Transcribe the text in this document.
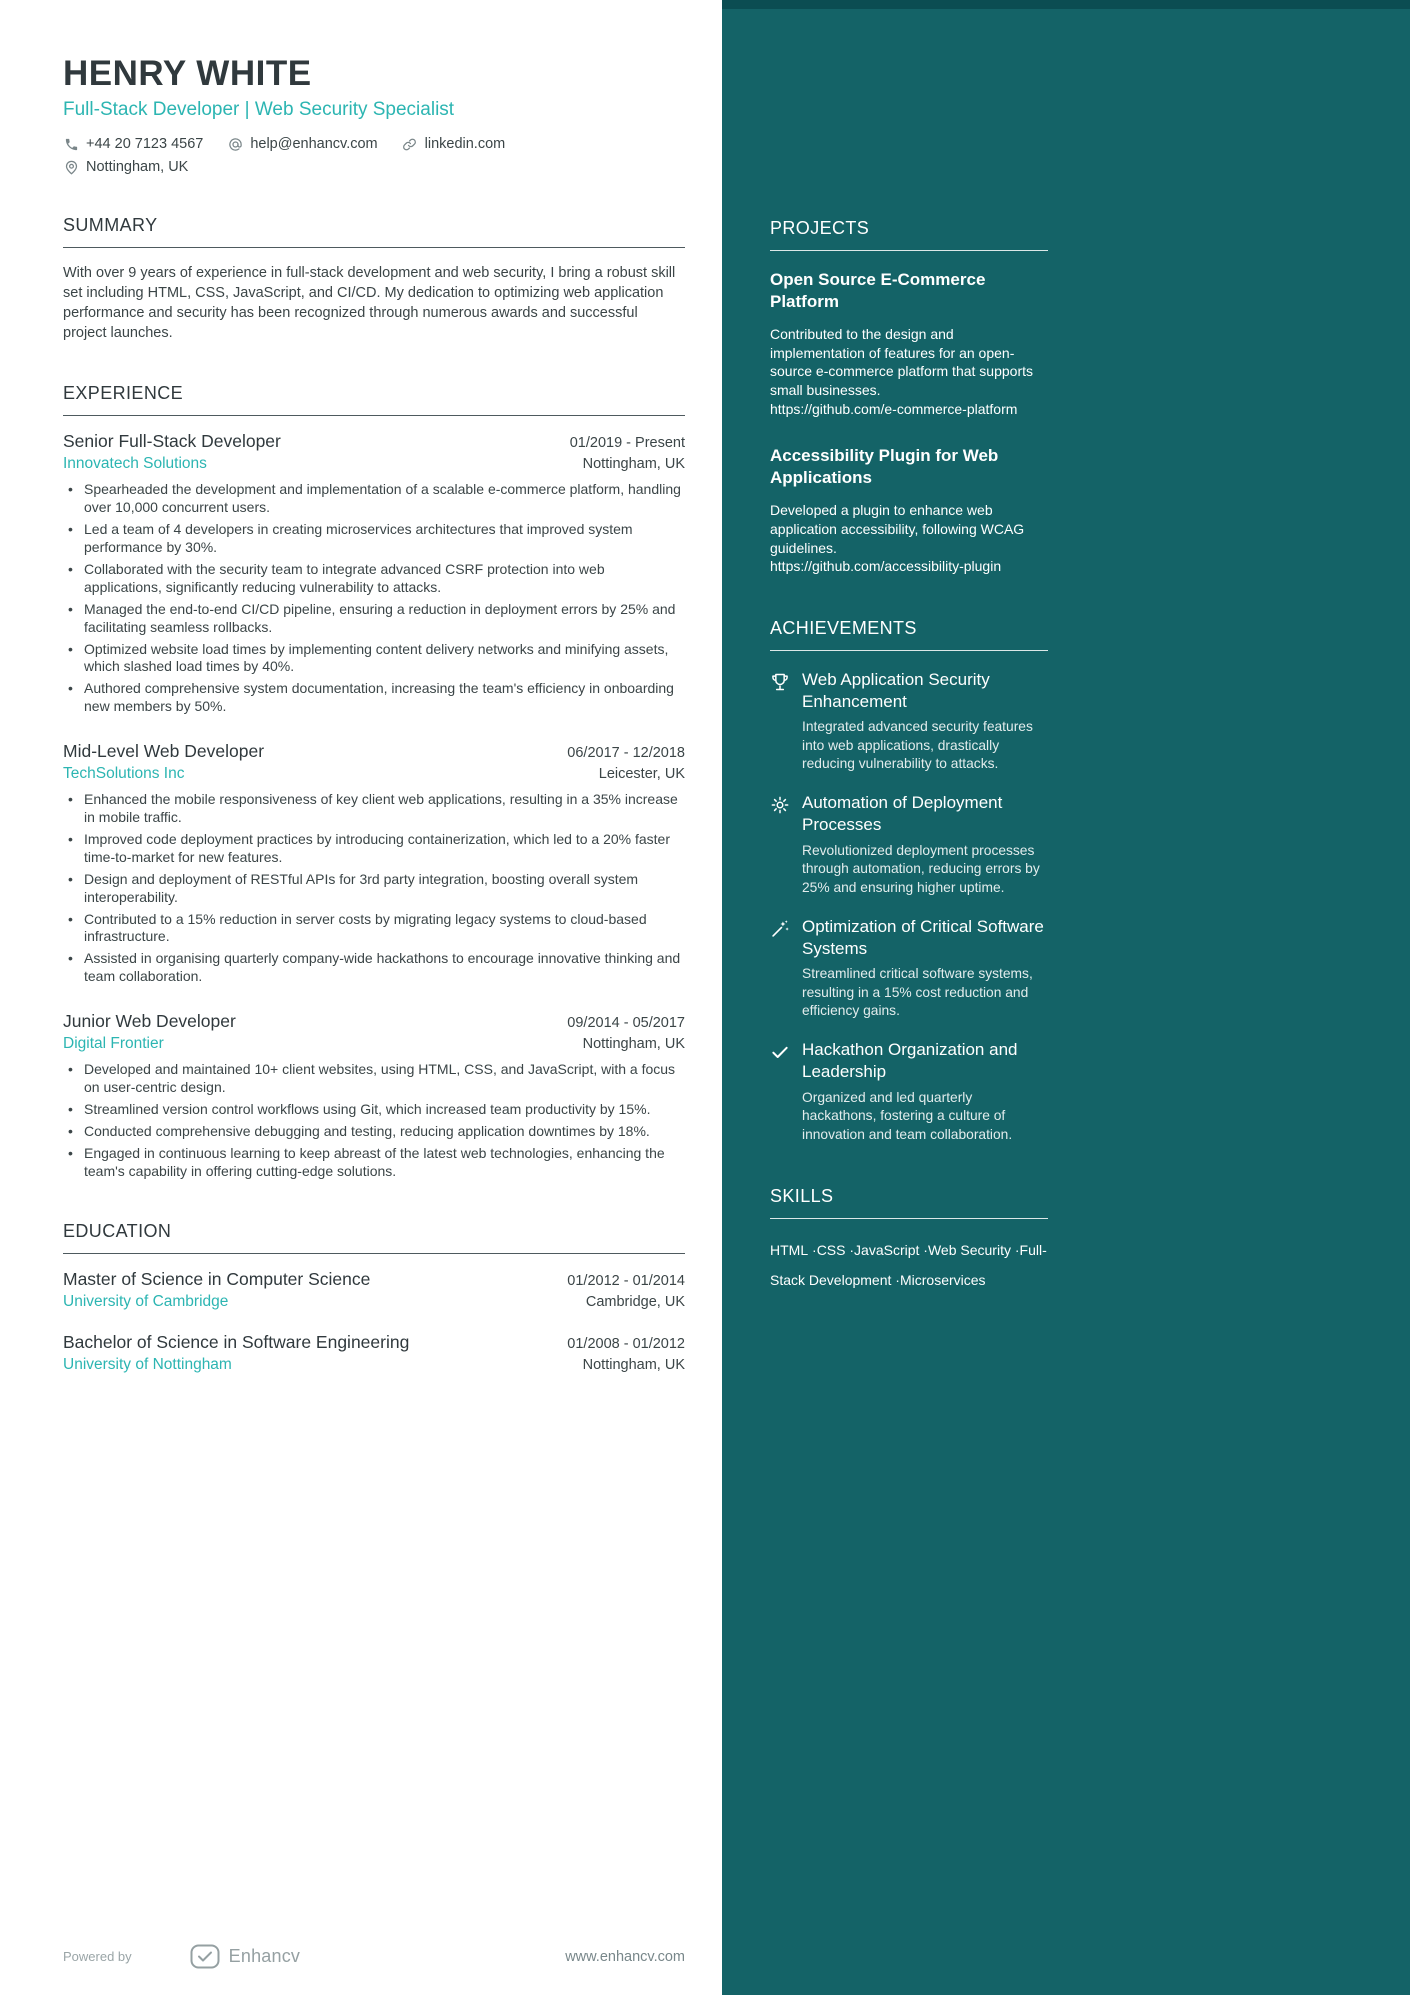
HENRY WHITE
Full-Stack Developer | Web Security Specialist
+44 20 7123 4567	help@enhancv.com	linkedin.com
Nottingham, UK
SUMMARY

With over 9 years of experience in full-stack development and web security, I bring a robust skill set including HTML, CSS, JavaScript, and CI/CD. My dedication to optimizing web application performance and security has been recognized through numerous awards and successful project launches.

EXPERIENCE
Senior Full-Stack Developer	01/2019 - Present
Innovatech Solutions	Nottingham, UK
• Spearheaded the development and implementation of a scalable e-commerce platform, handling over 10,000 concurrent users.
• Led a team of 4 developers in creating microservices architectures that improved system performance by 30%.
• Collaborated with the security team to integrate advanced CSRF protection into web applications, significantly reducing vulnerability to attacks.
• Managed the end-to-end CI/CD pipeline, ensuring a reduction in deployment errors by 25% and facilitating seamless rollbacks.
• Optimized website load times by implementing content delivery networks and minifying assets, which slashed load times by 40%.
• Authored comprehensive system documentation, increasing the team's efficiency in onboarding new members by 50%.
Mid-Level Web Developer	06/2017 - 12/2018
TechSolutions Inc	Leicester, UK
• Enhanced the mobile responsiveness of key client web applications, resulting in a 35% increase in mobile traffic.
• Improved code deployment practices by introducing containerization, which led to a 20% faster time-to-market for new features.
• Design and deployment of RESTful APIs for 3rd party integration, boosting overall system interoperability.
• Contributed to a 15% reduction in server costs by migrating legacy systems to cloud-based infrastructure.
• Assisted in organising quarterly company-wide hackathons to encourage innovative thinking and team collaboration.
Junior Web Developer	09/2014 - 05/2017
Digital Frontier	Nottingham, UK
• Developed and maintained 10+ client websites, using HTML, CSS, and JavaScript, with a focus on user-centric design.
• Streamlined version control workflows using Git, which increased team productivity by 15%.
• Conducted comprehensive debugging and testing, reducing application downtimes by 18%.
• Engaged in continuous learning to keep abreast of the latest web technologies, enhancing the team's capability in offering cutting-edge solutions.
EDUCATION
Master of Science in Computer Science	01/2012 - 01/2014
University of Cambridge	Cambridge, UK
Bachelor of Science in Software Engineering	01/2008 - 01/2012
University of Nottingham	Nottingham, UK
PROJECTS
Open Source E-Commerce Platform

Contributed to the design and implementation of features for an open-source e-commerce platform that supports small businesses.

https://github.com/e-commerce-platform
Accessibility Plugin for Web Applications

Developed a plugin to enhance web application accessibility, following WCAG guidelines.

https://github.com/accessibility-plugin
ACHIEVEMENTS
Web Application Security Enhancement

Integrated advanced security features into web applications, drastically reducing vulnerability to attacks.

Automation of Deployment Processes

Revolutionized deployment processes through automation, reducing errors by 25% and ensuring higher uptime.

Optimization of Critical Software Systems

Streamlined critical software systems, resulting in a 15% cost reduction and efficiency gains.

Hackathon Organization and Leadership

Organized and led quarterly hackathons, fostering a culture of innovation and team collaboration.

SKILLS
HTML · CSS · JavaScript · Web Security · Full-Stack Development · Microservices
Powered by	Enhancv	www.enhancv.com
